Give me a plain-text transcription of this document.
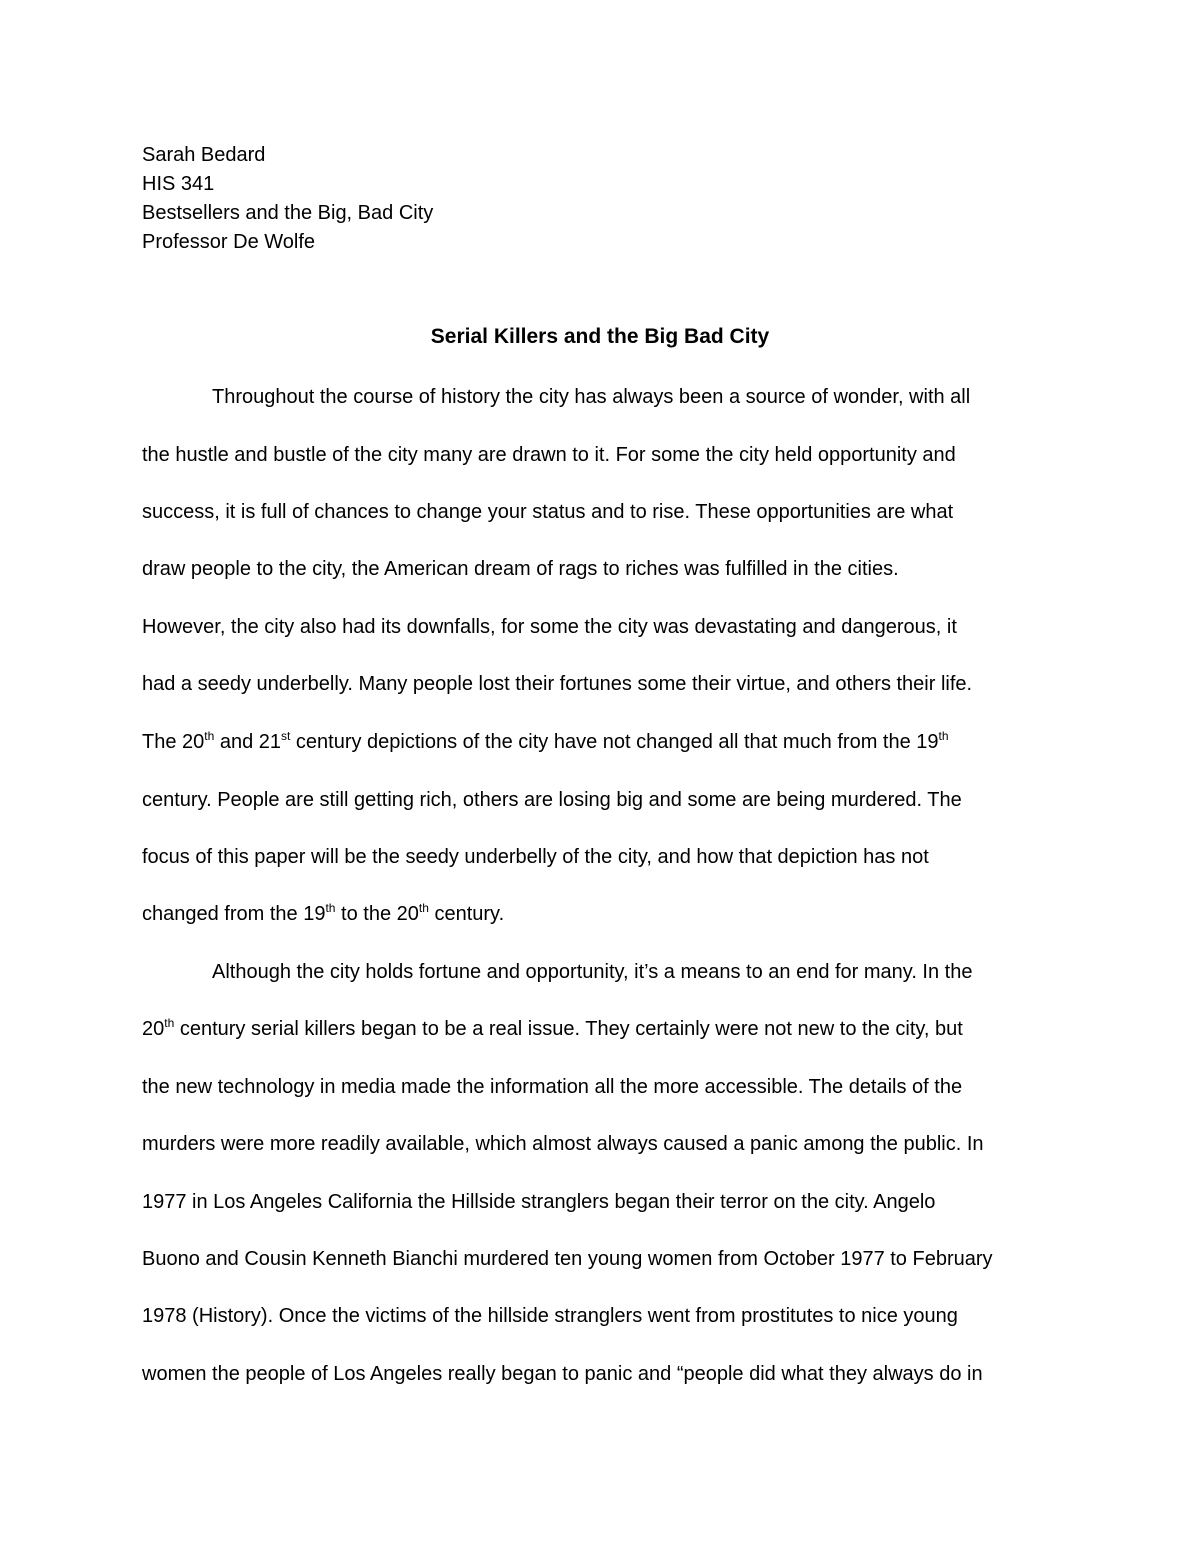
Sarah Bedard
HIS 341
Bestsellers and the Big, Bad City
Professor De Wolfe
Serial Killers and the Big Bad City
Throughout the course of history the city has always been a source of wonder, with all
the hustle and bustle of the city many are drawn to it. For some the city held opportunity and
success, it is full of chances to change your status and to rise. These opportunities are what
draw people to the city, the American dream of rags to riches was fulfilled in the cities.
However, the city also had its downfalls, for some the city was devastating and dangerous, it
had a seedy underbelly. Many people lost their fortunes some their virtue, and others their life.
The 20th and 21st century depictions of the city have not changed all that much from the 19th
century. People are still getting rich, others are losing big and some are being murdered. The
focus of this paper will be the seedy underbelly of the city, and how that depiction has not
changed from the 19th to the 20th century.
Although the city holds fortune and opportunity, it’s a means to an end for many. In the
20th century serial killers began to be a real issue. They certainly were not new to the city, but
the new technology in media made the information all the more accessible. The details of the
murders were more readily available, which almost always caused a panic among the public. In
1977 in Los Angeles California the Hillside stranglers began their terror on the city. Angelo
Buono and Cousin Kenneth Bianchi murdered ten young women from October 1977 to February
1978 (History). Once the victims of the hillside stranglers went from prostitutes to nice young
women the people of Los Angeles really began to panic and “people did what they always do in
